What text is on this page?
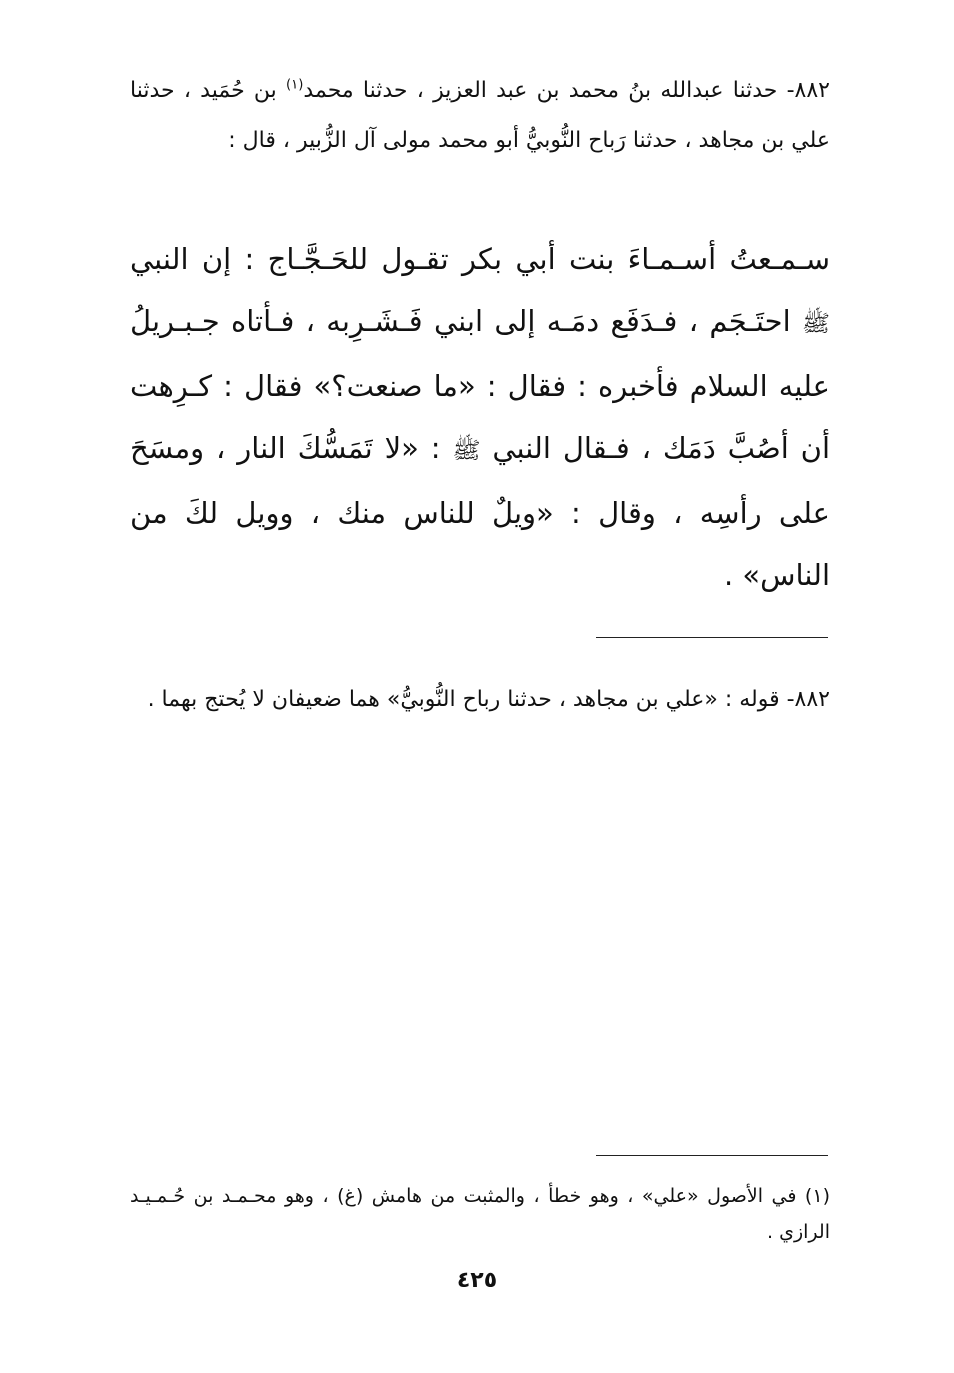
٨٨٢- حدثنا عبدالله بنُ محمد بن عبد العزيز ، حدثنا محمد$^{(١)}$ بن حُمَيد ، حدثنا علي بن مجاهد ، حدثنا رَباح النُّوبيُّ أبو محمد مولى آل الزُّبير ، قال :
سـمـعتُ أسـمـاءَ بنت أبي بكر تقـول للحَـجَّـاج : إن النبي ﷺ احتَـجَم ، فـدَفَع دمَـه إلى ابني فَـشَـرِبه ، فـأتاه جـبـريلُ عليه السلام فأخبره : فقال : «ما صنعت؟» فقال : كـرِهت أن أصُبَّ دَمَك ، فـقال النبي ﷺ : «لا تَمَسُّكَ النار ، ومسَحَ على رأسِه ، وقال : «ويلٌ للناس منك ، وويل لكَ من الناس» .
٨٨٢- قوله : «علي بن مجاهد ، حدثنا رباح النُّوبيُّ» هما ضعيفان لا يُحتج بهما .
(١) في الأصول «علي» ، وهو خطأ ، والمثبت من هامش (غ) ، وهو محـمـد بن حُـمـيـد الرازي .
٤٢٥
